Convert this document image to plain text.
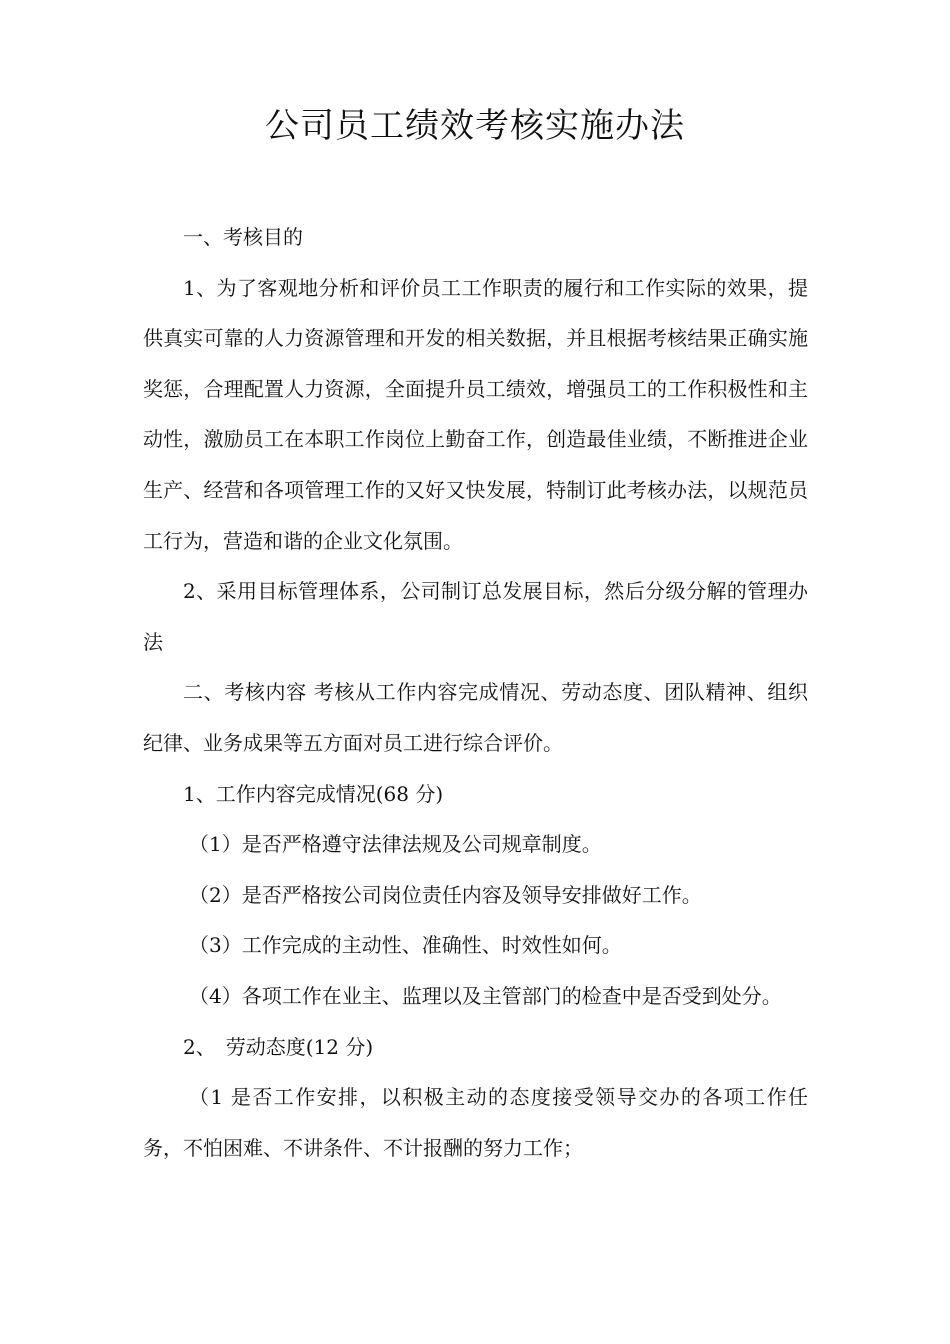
公司员工绩效考核实施办法

一、考核目的

1、为了客观地分析和评价员工工作职责的履行和工作实际的效果，提供真实可靠的人力资源管理和开发的相关数据，并且根据考核结果正确实施奖惩，合理配置人力资源，全面提升员工绩效，增强员工的工作积极性和主动性，激励员工在本职工作岗位上勤奋工作，创造最佳业绩，不断推进企业生产、经营和各项管理工作的又好又快发展，特制订此考核办法，以规范员工行为，营造和谐的企业文化氛围。

2、采用目标管理体系，公司制订总发展目标，然后分级分解的管理办法

二、考核内容 考核从工作内容完成情况、劳动态度、团队精神、组织纪律、业务成果等五方面对员工进行综合评价。

1、工作内容完成情况(68 分)

（1）是否严格遵守法律法规及公司规章制度。

（2）是否严格按公司岗位责任内容及领导安排做好工作。

（3）工作完成的主动性、准确性、时效性如何。

（4）各项工作在业主、监理以及主管部门的检查中是否受到处分。

2、　劳动态度(12 分)

（1 是否工作安排，以积极主动的态度接受领导交办的各项工作任务，不怕困难、不讲条件、不计报酬的努力工作；
